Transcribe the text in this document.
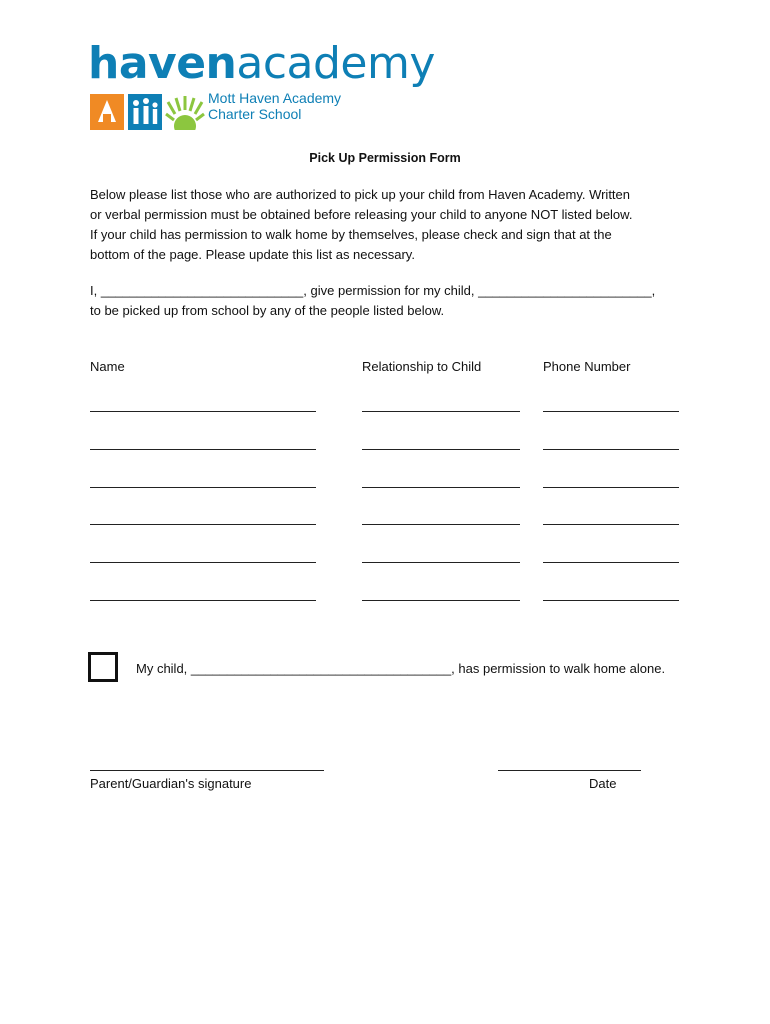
havenacademy
Mott Haven Academy
Charter School
Pick Up Permission Form
Below please list those who are authorized to pick up your child from Haven Academy. Written
or verbal permission must be obtained before releasing your child to anyone NOT listed below.
If your child has permission to walk home by themselves, please check and sign that at the
bottom of the page. Please update this list as necessary.
I, ____________________________, give permission for my child, ________________________,
to be picked up from school by any of the people listed below.
Name	Relationship to Child	Phone Number
My child, ____________________________________, has permission to walk home alone.
Parent/Guardian's signature	Date
